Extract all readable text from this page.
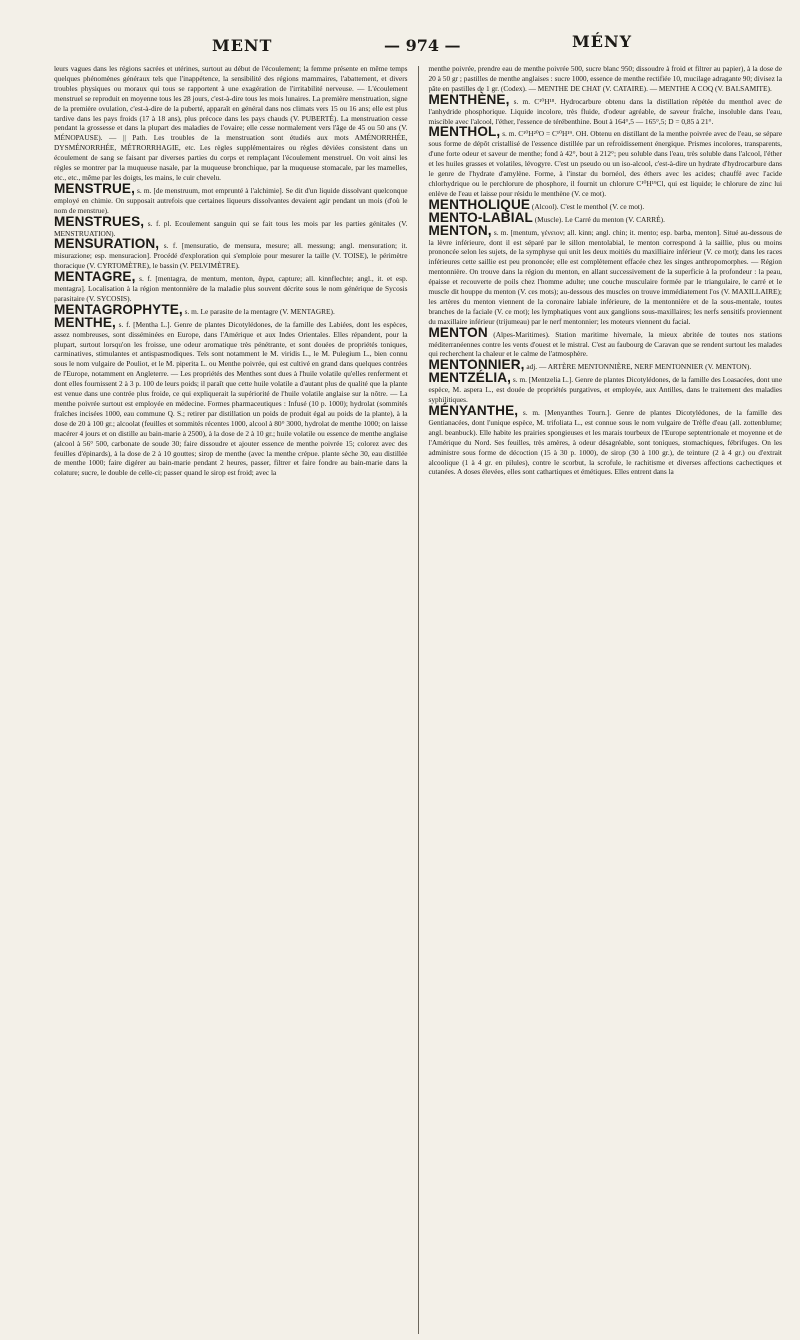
MENT	— 974 —	MÉNY

leurs vagues dans les régions sacrées et utérines, surtout au début de l'écoulement; la femme présente en même temps quelques phénomènes généraux tels que l'inappétence, la sensibilité des régions mammaires, l'abattement, et divers troubles physiques ou moraux qui tous se rapportent à une exagération de l'irritabilité nerveuse. — L'écoulement menstruel se reproduit en moyenne tous les 28 jours, c'est-à-dire tous les mois lunaires. La première menstruation, signe de la première ovulation, c'est-à-dire de la puberté, apparaît en général dans nos climats vers 15 ou 16 ans; elle est plus tardive dans les pays froids (17 à 18 ans), plus précoce dans les pays chauds (V. PUBERTÉ). La menstruation cesse pendant la grossesse et dans la plupart des maladies de l'ovaire; elle cesse normalement vers l'âge de 45 ou 50 ans (V. MÉNOPAUSE). — || Path. Les troubles de la menstruation sont étudiés aux mots AMÉNORRHÉE, DYSMÉNORRHÉE, MÉTRORRHAGIE, etc. Les règles supplémentaires ou règles déviées consistent dans un écoulement de sang se faisant par diverses parties du corps et remplaçant l'écoulement menstruel. On voit ainsi les règles se montrer par la muqueuse nasale, par la muqueuse bronchique, par la muqueuse stomacale, par les mamelles, etc., etc., même par les doigts, les mains, le cuir chevelu.

MENSTRUE, s. m. [de menstruum, mot emprunté à l'alchimie]. Se dit d'un liquide dissolvant quelconque employé en chimie. On supposait autrefois que certaines liqueurs dissolvantes devaient agir pendant un mois (d'où le nom de menstrue).

MENSTRUES, s. f. pl. Ecoulement sanguin qui se fait tous les mois par les parties génitales (V. MENSTRUATION).

MENSURATION, s. f. [mensuratio, de mensura, mesure; all. messung; angl. mensuration; it. misurazione; esp. mensuracion]. Procédé d'exploration qui s'emploie pour mesurer la taille (V. TOISE), le périmètre thoracique (V. CYRTOMÈTRE), le bassin (V. PELVIMÈTRE).

MENTAGRE, s. f. [mentagra, de mentum, menton, ἄγρα, capture; all. kinnflechte; angl., it. et esp. mentagra]. Localisation à la région mentonnière de la maladie plus souvent décrite sous le nom générique de Sycosis parasitaire (V. SYCOSIS).

MENTAGROPHYTE, s. m. Le parasite de la mentagre (V. MENTAGRE).

MENTHE, s. f. [Mentha L.]. Genre de plantes Dicotylédones, de la famille des Labiées, dont les espèces, assez nombreuses, sont disséminées en Europe, dans l'Amérique et aux Indes Orientales. Elles répandent, pour la plupart, surtout lorsqu'on les froisse, une odeur aromatique très pénétrante, et sont douées de propriétés toniques, carminatives, stimulantes et antispasmodiques. Tels sont notamment le M. viridis L., le M. Pulegium L., bien connu sous le nom vulgaire de Pouliot, et le M. piperita L. ou Menthe poivrée, qui est cultivé en grand dans quelques contrées de l'Europe, notamment en Angleterre. — Les propriétés des Menthes sont dues à l'huile volatile qu'elles renferment et dont elles fournissent 2 à 3 p. 100 de leurs poids; il paraît que cette huile volatile a d'autant plus de qualité que la plante est venue dans une contrée plus froide, ce qui expliquerait la supériorité de l'huile volatile anglaise sur la nôtre. — La menthe poivrée surtout est employée en médecine. Formes pharmaceutiques : Infusé (10 p. 1000); hydrolat (sommités fraîches incisées 1000, eau commune Q. S.; retirer par distillation un poids de produit égal au poids de la plante), à la dose de 20 à 100 gr.; alcoolat (feuilles et sommités récentes 1000, alcool à 80° 3000, hydrolat de menthe 1000; on laisse macérer 4 jours et on distille au bain-marie à 2500), à la dose de 2 à 10 gr.; huile volatile ou essence de menthe anglaise (alcool à 56° 500, carbonate de soude 30; faire dissoudre et ajouter essence de menthe poivrée 15; colorez avec des feuilles d'épinards), à la dose de 2 à 10 gouttes; sirop de menthe (avec la menthe crépue. plante sèche 30, eau distillée de menthe 1000; faire digérer au bain-marie pendant 2 heures, passer, filtrer et faire fondre au bain-marie dans la colature; sucre, le double de celle-ci; passer quand le sirop est froid; avec la

menthe poivrée, prendre eau de menthe poivrée 500, sucre blanc 950; dissoudre à froid et filtrer au papier), à la dose de 20 à 50 gr ; pastilles de menthe anglaises : sucre 1000, essence de menthe rectifiée 10, mucilage adragante 90; divisez la pâte en pastilles de 1 gr. (Codex). — MENTHE DE CHAT (V. CATAIRE). — MENTHE A COQ (V. BALSAMITE).

MENTHÈNE, s. m. C¹⁰H¹⁸. Hydrocarbure obtenu dans la distillation répétée du menthol avec de l'anhydride phosphorique. Liquide incolore, très fluide, d'odeur agréable, de saveur fraîche, insoluble dans l'eau, miscible avec l'alcool, l'éther, l'essence de térébenthine. Bout à 164°,5 — 165°,5; D = 0,85 à 21°.

MENTHOL, s. m. C¹⁰H²⁰O = C¹⁰H¹⁹. OH. Obtenu en distillant de la menthe poivrée avec de l'eau, se sépare sous forme de dépôt cristallisé de l'essence distillée par un refroidissement énergique. Prismes incolores, transparents, d'une forte odeur et saveur de menthe; fond à 42°, bout à 212°; peu soluble dans l'eau, très soluble dans l'alcool, l'éther et les huiles grasses et volatiles, lévogyre. C'est un pseudo ou un iso-alcool, c'est-à-dire un hydrate d'hydrocarbure dans le genre de l'hydrate d'amylène. Forme, à l'instar du bornéol, des éthers avec les acides; chauffé avec l'acide chlorhydrique ou le perchlorure de phosphore, il fournit un chlorure C¹⁰H¹⁹Cl, qui est liquide; le chlorure de zinc lui enlève de l'eau et laisse pour résidu le menthène (V. ce mot).

MENTHOLIQUE (Alcool). C'est le menthol (V. ce mot).

MENTO-LABIAL (Muscle). Le Carré du menton (V. CARRÉ).

MENTON, s. m. [mentum, γένειον; all. kinn; angl. chin; it. mento; esp. barba, menton]. Situé au-dessous de la lèvre inférieure, dont il est séparé par le sillon mentolabial, le menton correspond à la saillie, plus ou moins prononcée selon les sujets, de la symphyse qui unit les deux moitiés du maxilliaire inférieur (V. ce mot); dans les races inférieures cette saillie est peu prononcée; elle est complètement effacée chez les singes anthropomorphes. — Région mentonnière. On trouve dans la région du menton, en allant successivement de la superficie à la profondeur : la peau, épaisse et recouverte de poils chez l'homme adulte; une couche musculaire formée par le triangulaire, le carré et le muscle dit houppe du menton (V. ces mots); au-dessous des muscles on trouve immédiatement l'os (V. MAXILLAIRE); les artères du menton viennent de la coronaire labiale inférieure, de la mentonnière et de la sous-mentale, toutes branches de la faciale (V. ce mot); les lymphatiques vont aux ganglions sous-maxillaires; les nerfs sensitifs proviennent du maxillaire inférieur (trijumeau) par le nerf mentonnier; les moteurs viennent du facial.

MENTON (Alpes-Maritimes). Station maritime hivernale, la mieux abritée de toutes nos stations méditerranéennes contre les vents d'ouest et le mistral. C'est au faubourg de Caravan que se rendent surtout les malades qui recherchent la chaleur et le calme de l'atmosphère.

MENTONNIER, adj. — ARTÈRE MENTONNIÈRE, NERF MENTONNIER (V. MENTON).

MENTZÉLIA, s. m. [Mentzelia L.]. Genre de plantes Dicotylédones, de la famille des Loasacées, dont une espèce, M. aspera L., est douée de propriétés purgatives, et employée, aux Antilles, dans le traitement des maladies syphilitiques.

MÉNYANTHE, s. m. [Menyanthes Tourn.]. Genre de plantes Dicotylédones, de la famille des Gentianacées, dont l'unique espèce, M. trifoliata L., est connue sous le nom vulgaire de Trèfle d'eau (all. zottenblume; angl. beanbuck). Elle habite les prairies spongieuses et les marais tourbeux de l'Europe septentrionale et moyenne et de l'Amérique du Nord. Ses feuilles, très amères, à odeur désagréable, sont toniques, stomachiques, fébrifuges. On les administre sous forme de décoction (15 à 30 p. 1000), de sirop (30 à 100 gr.), de teinture (2 à 4 gr.) ou d'extrait alcoolique (1 à 4 gr. en pilules), contre le scorbut, la scrofule, le rachitisme et diverses affections cachectiques et cutanées. A doses élevées, elles sont cathartiques et émétiques. Elles entrent dans la
